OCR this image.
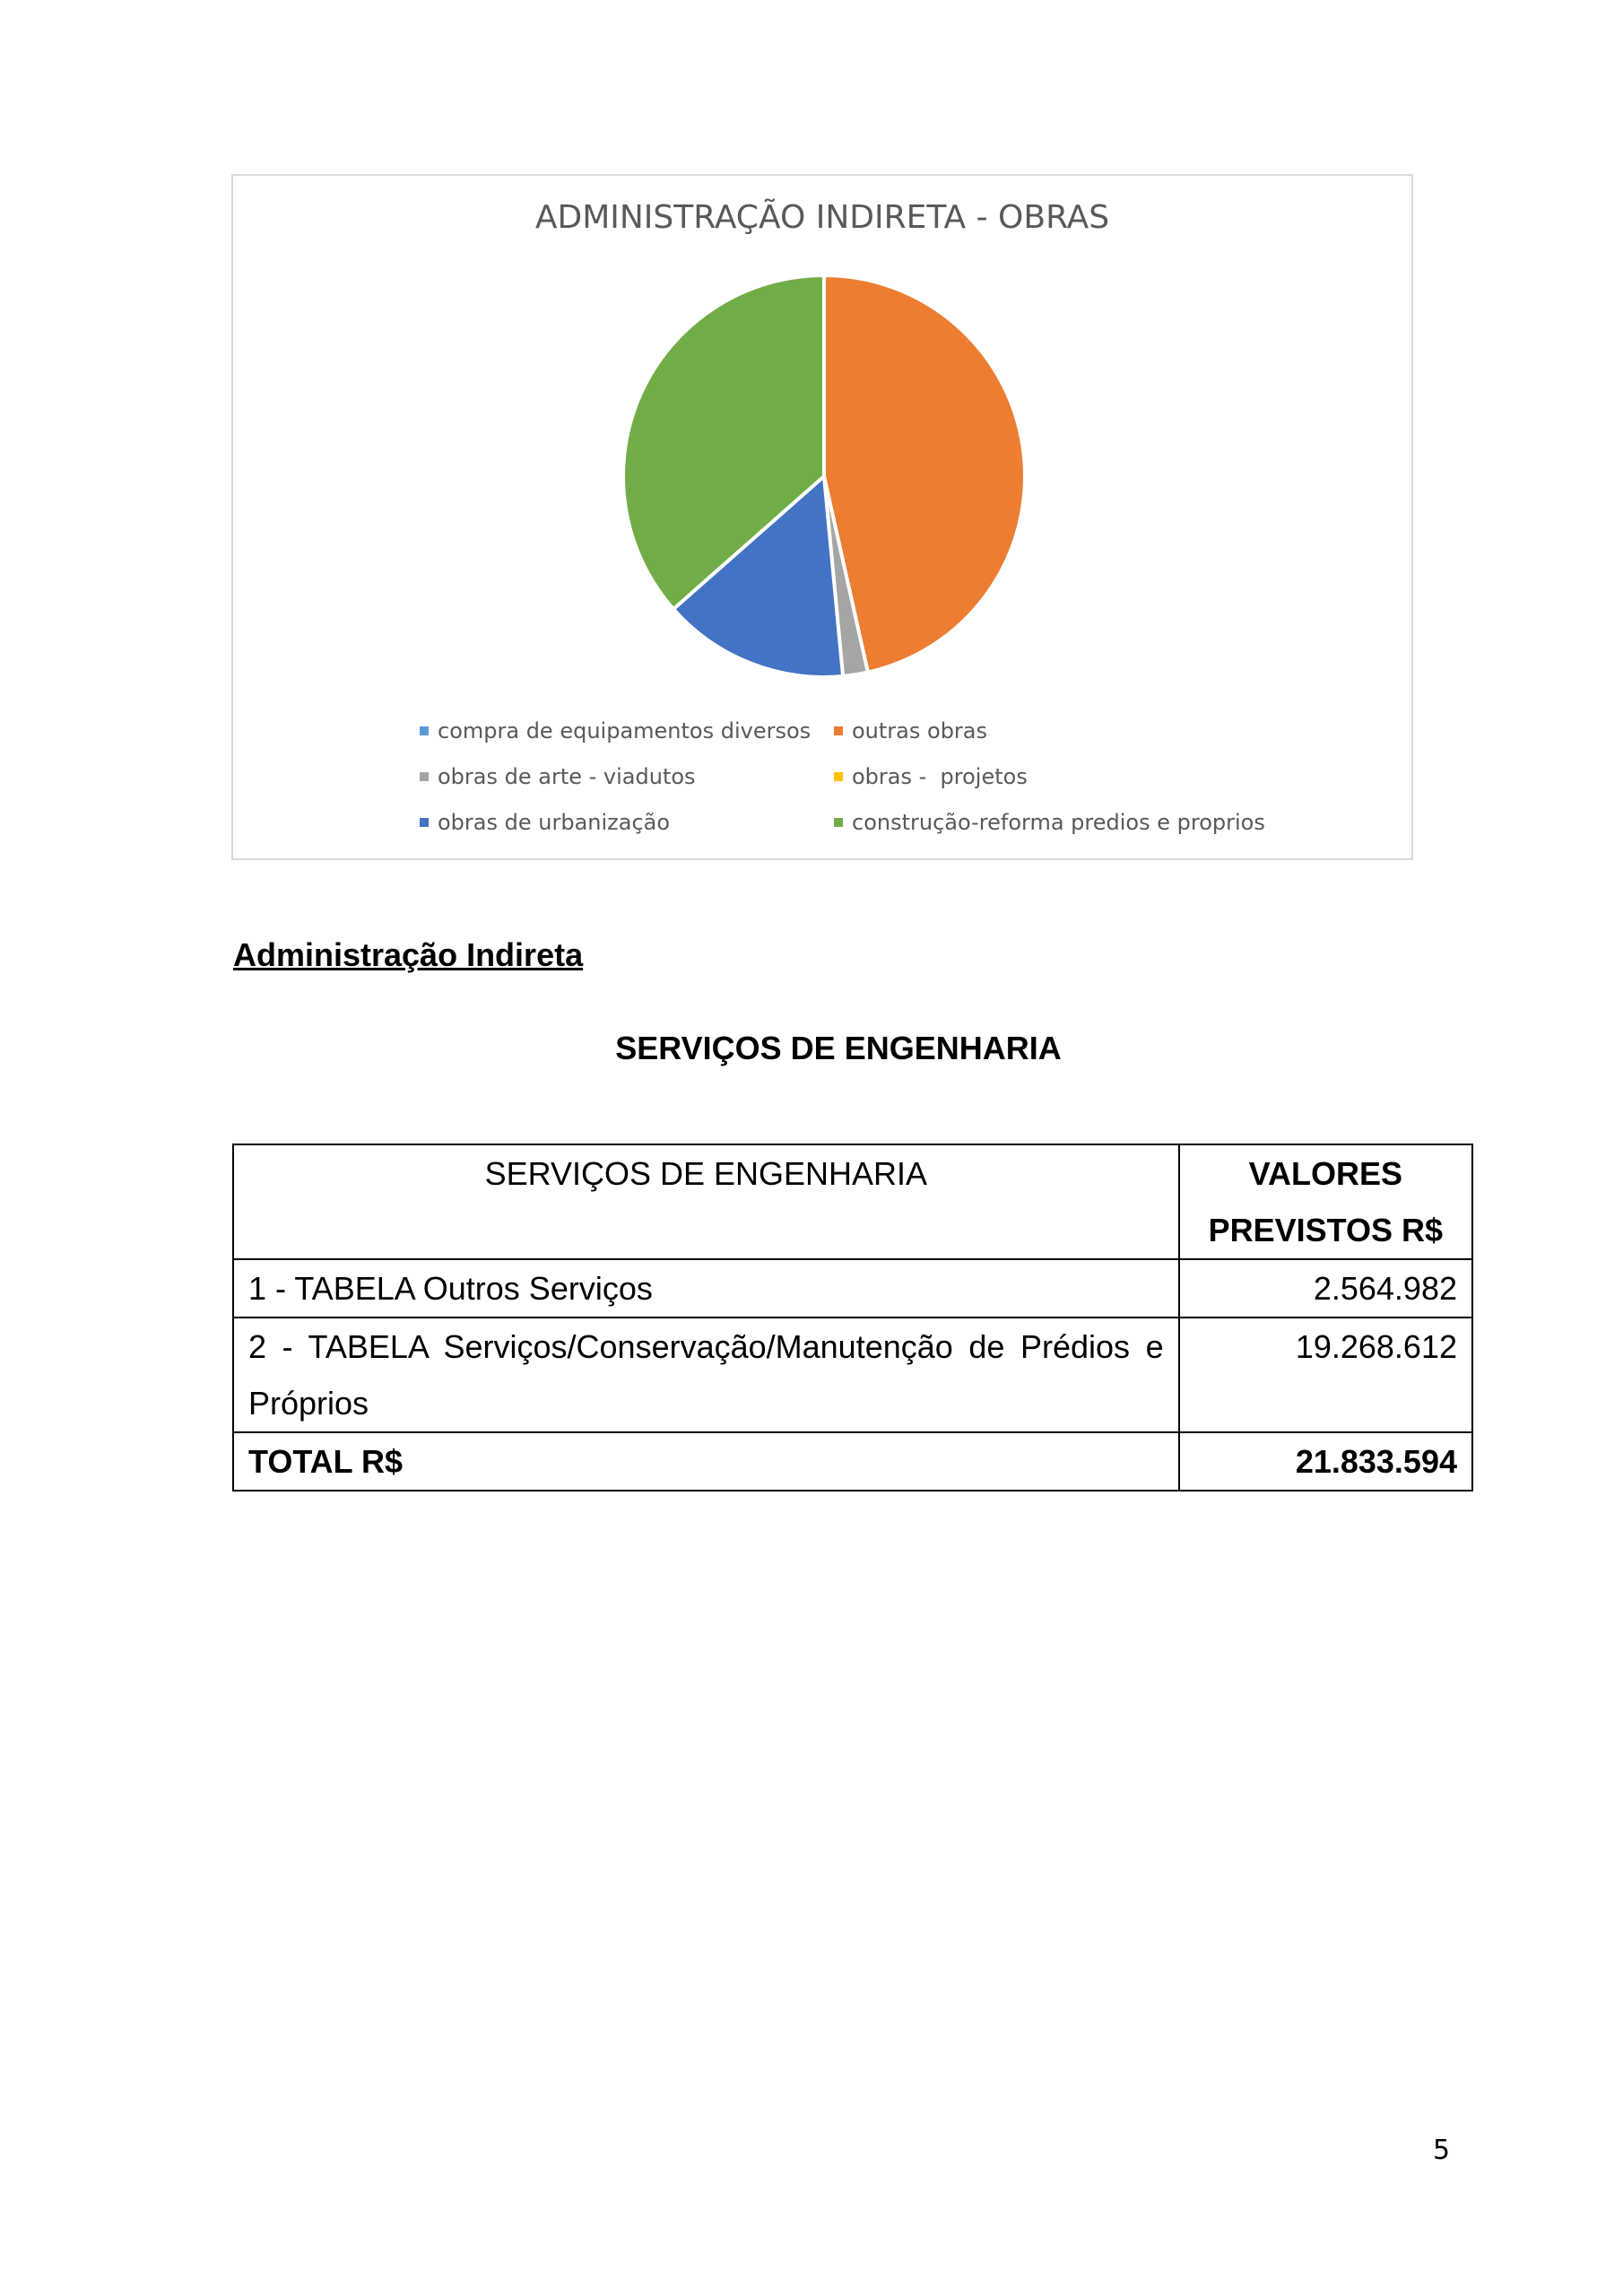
ADMINISTRAÇÃO INDIRETA - OBRAS
compra de equipamentos diversos outras obras
obras de arte - viadutos	obras -  projetos
obras de urbanização	construção-reforma predios e proprios
Administração Indireta
SERVIÇOS DE ENGENHARIA
SERVIÇOS DE ENGENHARIA	VALORES PREVISTOS R$
1 - TABELA Outros Serviços	2.564.982
2 - TABELA Serviços/Conservação/Manutenção de Prédios e Próprios	19.268.612
TOTAL R$	21.833.594
5
